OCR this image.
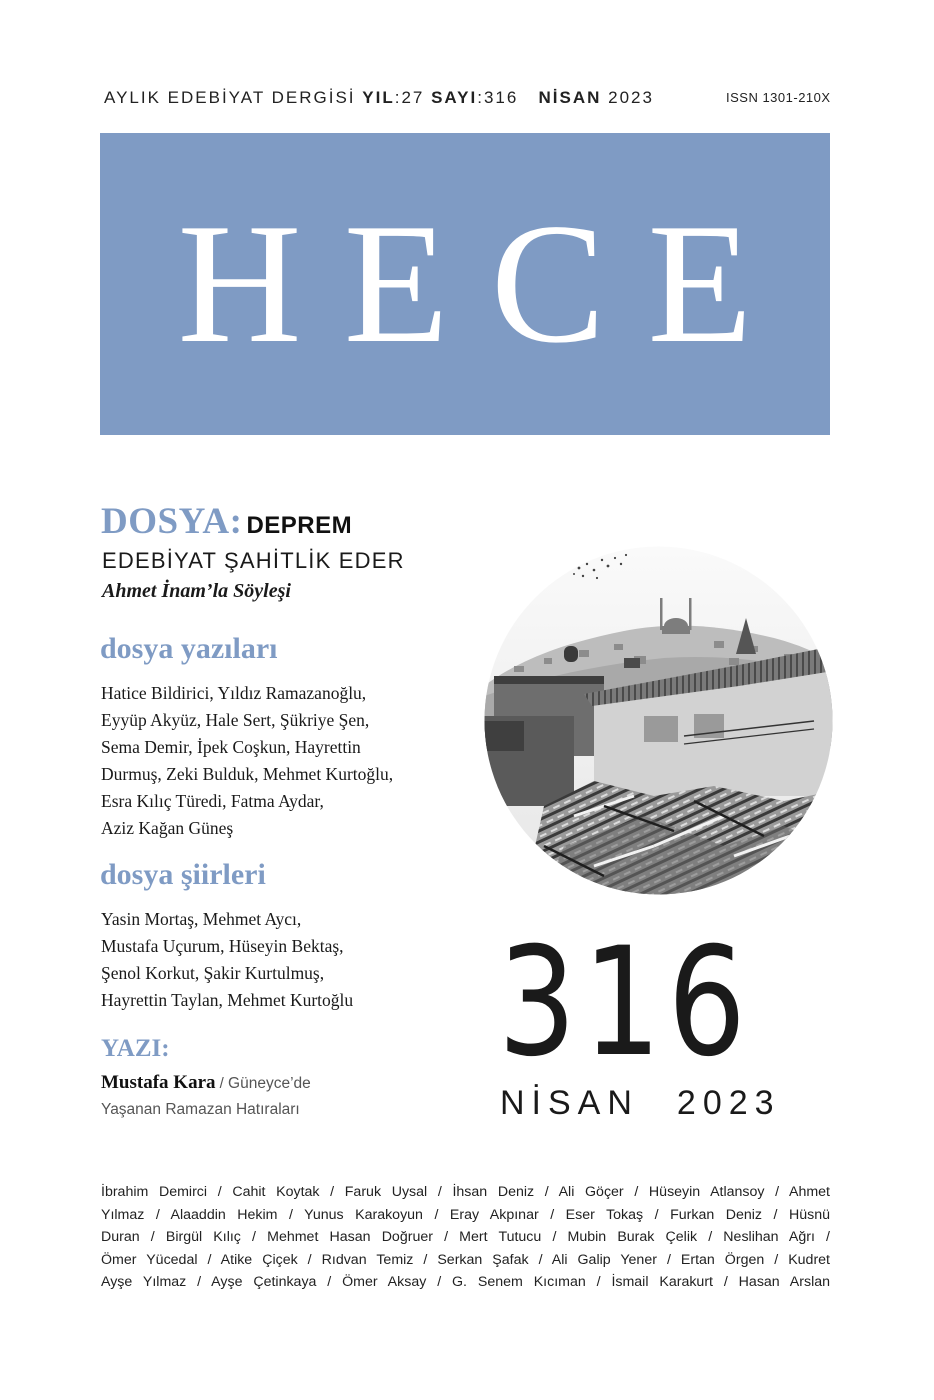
AYLIK EDEBİYAT DERGİSİ YIL:27 SAYI:316 NİSAN 2023	ISSN 1301-210X
HECE
DOSYA: DEPREM
EDEBİYAT ŞAHİTLİK EDER
Ahmet İnam’la Söyleşi
dosya yazıları
Hatice Bildirici, Yıldız Ramazanoğlu,
Eyyüp Akyüz, Hale Sert, Şükriye Şen,
Sema Demir, İpek Coşkun, Hayrettin
Durmuş, Zeki Bulduk, Mehmet Kurtoğlu,
Esra Kılıç Türedi, Fatma Aydar,
Aziz Kağan Güneş
dosya şiirleri
Yasin Mortaş, Mehmet Aycı,
Mustafa Uçurum, Hüseyin Bektaş,
Şenol Korkut, Şakir Kurtulmuş,
Hayrettin Taylan, Mehmet Kurtoğlu
YAZI:
Mustafa Kara / Güneyce’de
Yaşanan Ramazan Hatıraları
316
NİSAN 2023
İbrahim Demirci / Cahit Koytak / Faruk Uysal / İhsan Deniz / Ali Göçer / Hüseyin Atlansoy / Ahmet
Yılmaz / Alaaddin Hekim / Yunus Karakoyun / Eray Akpınar / Eser Tokaş / Furkan Deniz / Hüsnü
Duran / Birgül Kılıç / Mehmet Hasan Doğruer / Mert Tutucu / Mubin Burak Çelik / Neslihan Ağrı /
Ömer Yücedal / Atike Çiçek / Rıdvan Temiz / Serkan Şafak / Ali Galip Yener / Ertan Örgen / Kudret
Ayşe Yılmaz / Ayşe Çetinkaya / Ömer Aksay / G. Senem Kıcıman / İsmail Karakurt / Hasan Arslan
